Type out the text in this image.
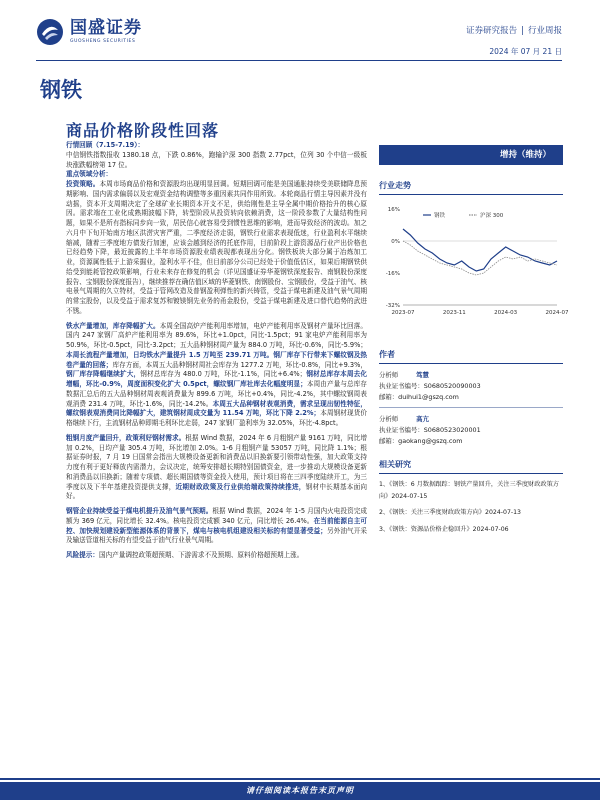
国盛证券
GUOSHENG SECURITIES
证券研究报告 | 行业周报
2024 年 07 月 21 日
钢铁
商品价格阶段性回落

行情回顾（7.15-7.19）：
中信钢铁指数报收 1380.18 点，下跌 0.86%，跑输沪深 300 指数 2.77pct，位列 30 个中信一级板块涨跌幅榜第 17 位。

重点领域分析：

投资策略。本周市场商品价格和资源股均出现明显回调。短期回调可能是美国通胀持续受美联储降息预期影响、国内需求偏弱以及宏观资金结构调整等多重因素共同作用所致。本轮商品行情主导因素并没有动摇，资本开支周期决定了全球矿业长期资本开支不足，供给刚性是主导全属中期价格抬升的核心原因。需求端在工业化成熟期波幅下降，转型阶段从投资转向依赖消费，这一阶段参数了大量结构性问题，如果不是所有指标同步向一致，居民信心就容易受到惯性思维的影响，进而导致经济的波动。加之六月中下旬开始南方地区洪涝灾害严重，二季度经济走弱，钢铁行业需求表现低迷，行业盈利水平继续缩减，随着三季度地方债发行加速，应该会越到经济的托底作用，目前阶段上游资源品行业产出价格也已经趋势下降，最近披露的上半年市场资源股业绩表现都表现出分化。钢铁板块大部分属于冶炼加工业，资源属性低于上游采掘业，盈利水平不佳，但目前部分公司已经处于价值低估区，如果后期钢铁供给受到能耗管控政策影响，行业未来存在修复的机会（详见国盛证券华菱钢铁深度报告、南钢股份深度报告、宝钢股份深度报告），继续推荐在确估值区域的华菱钢铁、南钢股份、宝钢股份，受益于油气、核电景气周期的久立特材，受益于管网改造及普钢盈利弹性的新兴铸管，受益于煤电新建及油气景气周期的常宝股份，以及受益于需求复苏和镀镁钢先业务的甬金股份，受益于煤电新建及进口替代趋势的武进不锈。

铁水产量增加，库存降幅扩大。本周全国高炉产能利用率增加，电炉产能利用率及钢材产量环比回落。国内 247 家钢厂高炉产能利用率为 89.6%，环比+1.0pct，同比-1.5pct；91 家电炉产能利用率为 50.9%，环比-0.5pct，同比-3.2pct；五大品种钢材周产量为 884.0 万吨，环比-0.6%，同比-5.9%；本周长流程产量增加，日均铁水产量提升 1.5 万吨至 239.71 万吨。钢厂库存下行带来下螺纹钢及热卷产量的回落；库存方面，本周五大品种钢材周社会库存为 1277.2 万吨，环比-0.8%，同比+9.3%，钢厂库存降幅继续扩大，钢材总库存为 480.0 万吨，环比-1.1%，同比+6.4%；钢材总库存本周去化增幅，环比-0.9%，周度面积变化扩大 0.5pct，螺纹钢厂库社库去化幅度明显；本周由产量与总库存数据汇总后的五大品种钢材周表观消费量为 899.6 万吨，环比+0.4%，同比-4.2%，其中螺纹钢周表观消费 231.4 万吨，环比-1.6%，同比-14.2%。本周五大品种钢材表观消费，需求呈现出韧性特征，螺纹钢表观消费同比降幅扩大，建筑钢材周成交量为 11.54 万吨，环比下降 2.2%；本周钢材现货价格继续下行，主流钢材品种即期毛利环比走弱，247 家钢厂盈利率为 32.05%，环比-4.8pct。

粗钢月度产量回升，政策利好钢材需求。根据 Wind 数据，2024 年 6 月粗钢产量 9161 万吨，同比增加 0.2%，日均产量 305.4 万吨，环比增加 2.0%。1-6 月粗钢产量 53057 万吨，同比降 1.1%；根据证券时报，7 月 19 日国常会指出大规模设备更新和消费品以旧换新要引领带动性强，加大政策支持力度有利于更好释放内需潜力，会议决定，统筹安排超长期特别国债资金，进一步推动大规模设备更新和消费品以旧换新；随着专项债、超长期国债等资金投入使用，预计项目将在三四季度陆续开工，为三季度以及下半年基建投资提供支撑，近期财政政策及行业供给端政策持续推进，钢材中长期基本面向好。

钢管企业持续受益于煤电机提升及油气景气预期。根据 Wind 数据，2024 年 1-5 月国内火电投资完成额为 369 亿元，同比增长 32.4%。核电投资完成额 340 亿元，同比增长 26.4%。在当前能源自主可控、加快规划建设新型能源体系的背景下，煤电与核电机组建设相关标的有望显著受益；另外油气开采及输送管道相关标的有望受益于油气行业景气周期。

风险提示：国内产量调控政策超预期、下游需求不及预期、原料价格超预期上涨。

增持（维持）
行业走势
16%
0%
-16%
-32%
2023-07	2023-11	2024-03	2024-07
钢铁	沪深 300
作者
分析师	笃慧
执业证书编号：S0680520090003
邮箱：duihui1@gszq.com
分析师	高亢
执业证书编号：S0680523020001
邮箱：gaokang@gszq.com
相关研究
1、《钢铁：6 月数据跟踪：钢铁产量回升，关注三季度财政政策方向》2024-07-15
2、《钢铁：关注三季度财政政策方向》2024-07-13
3、《钢铁：资源品价格企稳回升》2024-07-06
请仔细阅读本报告末页声明
